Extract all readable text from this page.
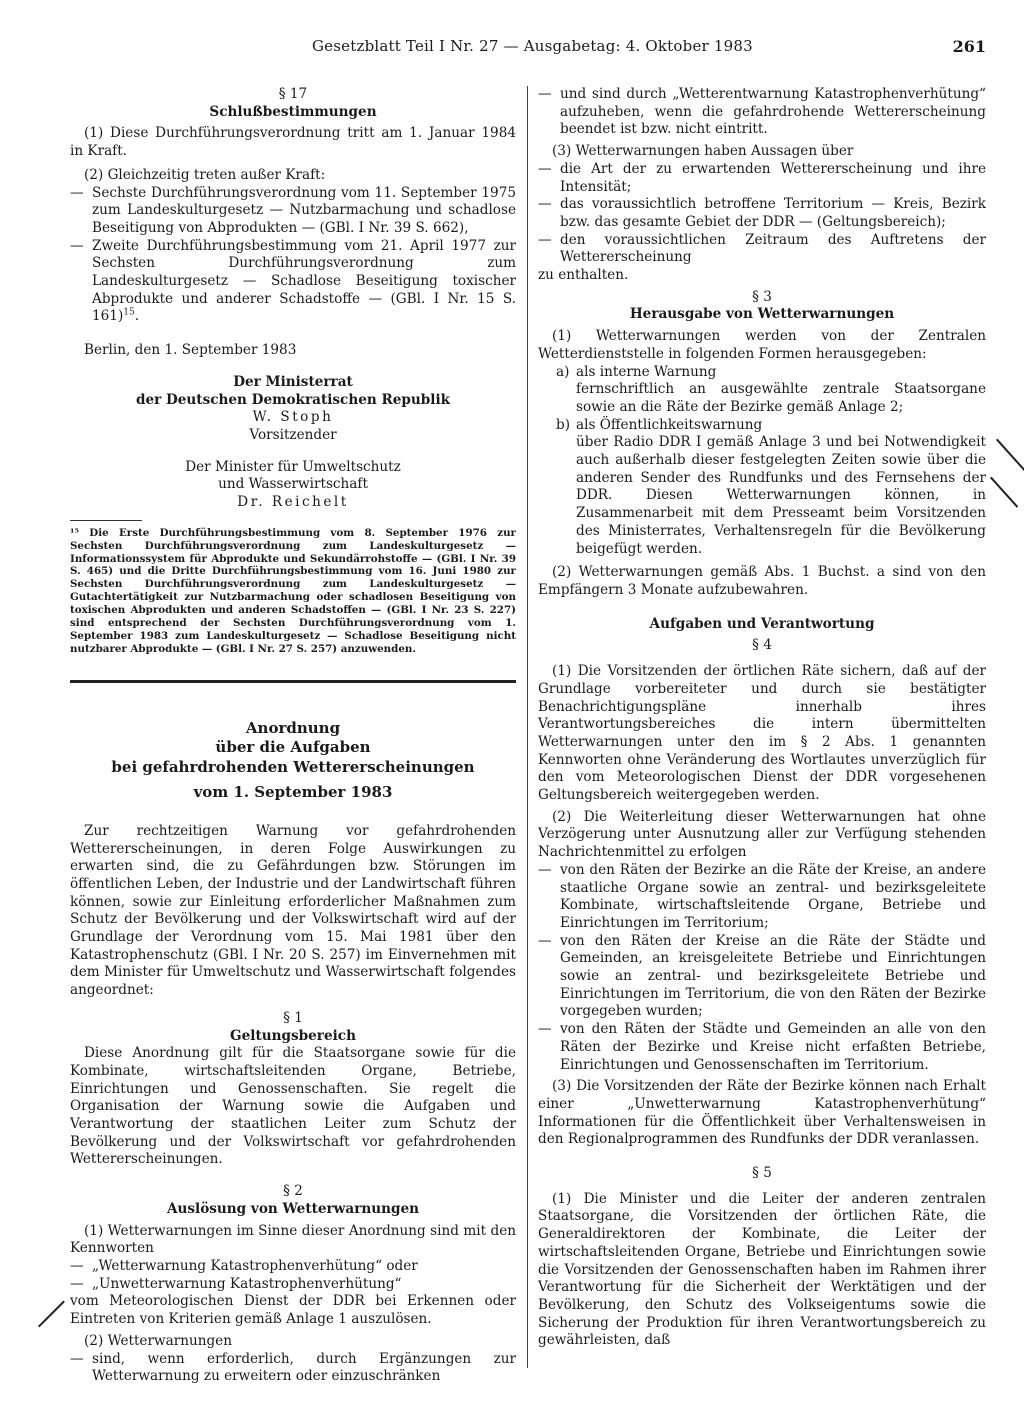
Gesetzblatt Teil I Nr. 27 — Ausgabetag: 4. Oktober 1983	261

§ 17

Schlußbestimmungen

(1) Diese Durchführungsverordnung tritt am 1. Januar 1984 in Kraft.

(2) Gleichzeitig treten außer Kraft:

— Sechste Durchführungsverordnung vom 11. September 1975 zum Landeskulturgesetz — Nutzbarmachung und schadlose Beseitigung von Abprodukten — (GBl. I Nr. 39 S. 662),
— Zweite Durchführungsbestimmung vom 21. April 1977 zur Sechsten Durchführungsverordnung zum Landeskulturgesetz — Schadlose Beseitigung toxischer Abprodukte und anderer Schadstoffe — (GBl. I Nr. 15 S. 161)$^{15}$.

Berlin, den 1. September 1983

Der Ministerrat

der Deutschen Demokratischen Republik

W. Stoph

Vorsitzender

Der Minister für Umweltschutz

und Wasserwirtschaft

Dr. Reichelt

¹⁵ Die Erste Durchführungsbestimmung vom 8. September 1976 zur Sechsten Durchführungsverordnung zum Landeskulturgesetz — Informationssystem für Abprodukte und Sekundärrohstoffe — (GBl. I Nr. 39 S. 465) und die Dritte Durchführungsbestimmung vom 16. Juni 1980 zur Sechsten Durchführungsverordnung zum Landeskulturgesetz — Gutachtertätigkeit zur Nutzbarmachung oder schadlosen Beseitigung von toxischen Abprodukten und anderen Schadstoffen — (GBl. I Nr. 23 S. 227) sind entsprechend der Sechsten Durchführungsverordnung vom 1. September 1983 zum Landeskulturgesetz — Schadlose Beseitigung nicht nutzbarer Abprodukte — (GBl. I Nr. 27 S. 257) anzuwenden.

Anordnung

über die Aufgaben

bei gefahrdrohenden Wettererscheinungen

vom 1. September 1983

Zur rechtzeitigen Warnung vor gefahrdrohenden Wettererscheinungen, in deren Folge Auswirkungen zu erwarten sind, die zu Gefährdungen bzw. Störungen im öffentlichen Leben, der Industrie und der Landwirtschaft führen können, sowie zur Einleitung erforderlicher Maßnahmen zum Schutz der Bevölkerung und der Volkswirtschaft wird auf der Grundlage der Verordnung vom 15. Mai 1981 über den Katastrophenschutz (GBl. I Nr. 20 S. 257) im Einvernehmen mit dem Minister für Umweltschutz und Wasserwirtschaft folgendes angeordnet:

§ 1

Geltungsbereich

Diese Anordnung gilt für die Staatsorgane sowie für die Kombinate, wirtschaftsleitenden Organe, Betriebe, Einrichtungen und Genossenschaften. Sie regelt die Organisation der Warnung sowie die Aufgaben und Verantwortung der staatlichen Leiter zum Schutz der Bevölkerung und der Volkswirtschaft vor gefahrdrohenden Wettererscheinungen.

§ 2

Auslösung von Wetterwarnungen

(1) Wetterwarnungen im Sinne dieser Anordnung sind mit den Kennworten

— „Wetterwarnung Katastrophenverhütung“ oder
— „Unwetterwarnung Katastrophenverhütung“

vom Meteorologischen Dienst der DDR bei Erkennen oder Eintreten von Kriterien gemäß Anlage 1 auszulösen.

(2) Wetterwarnungen

— sind, wenn erforderlich, durch Ergänzungen zur Wetterwarnung zu erweitern oder einzuschränken
— und sind durch „Wetterentwarnung Katastrophenverhütung“ aufzuheben, wenn die gefahrdrohende Wettererscheinung beendet ist bzw. nicht eintritt.

(3) Wetterwarnungen haben Aussagen über

— die Art der zu erwartenden Wettererscheinung und ihre Intensität;
— das voraussichtlich betroffene Territorium — Kreis, Bezirk bzw. das gesamte Gebiet der DDR — (Geltungsbereich);
— den voraussichtlichen Zeitraum des Auftretens der Wettererscheinung

zu enthalten.

§ 3

Herausgabe von Wetterwarnungen

(1) Wetterwarnungen werden von der Zentralen Wetterdienststelle in folgenden Formen herausgegeben:

a) als interne Warnung
fernschriftlich an ausgewählte zentrale Staatsorgane sowie an die Räte der Bezirke gemäß Anlage 2;
b) als Öffentlichkeitswarnung
über Radio DDR I gemäß Anlage 3 und bei Notwendigkeit auch außerhalb dieser festgelegten Zeiten sowie über die anderen Sender des Rundfunks und des Fernsehens der DDR. Diesen Wetterwarnungen können, in Zusammenarbeit mit dem Presseamt beim Vorsitzenden des Ministerrates, Verhaltensregeln für die Bevölkerung beigefügt werden.

(2) Wetterwarnungen gemäß Abs. 1 Buchst. a sind von den Empfängern 3 Monate aufzubewahren.

Aufgaben und Verantwortung

§ 4

(1) Die Vorsitzenden der örtlichen Räte sichern, daß auf der Grundlage vorbereiteter und durch sie bestätigter Benachrichtigungspläne innerhalb ihres Verantwortungsbereiches die intern übermittelten Wetterwarnungen unter den im § 2 Abs. 1 genannten Kennworten ohne Veränderung des Wortlautes unverzüglich für den vom Meteorologischen Dienst der DDR vorgesehenen Geltungsbereich weitergegeben werden.

(2) Die Weiterleitung dieser Wetterwarnungen hat ohne Verzögerung unter Ausnutzung aller zur Verfügung stehenden Nachrichtenmittel zu erfolgen

— von den Räten der Bezirke an die Räte der Kreise, an andere staatliche Organe sowie an zentral- und bezirksgeleitete Kombinate, wirtschaftsleitende Organe, Betriebe und Einrichtungen im Territorium;
— von den Räten der Kreise an die Räte der Städte und Gemeinden, an kreisgeleitete Betriebe und Einrichtungen sowie an zentral- und bezirksgeleitete Betriebe und Einrichtungen im Territorium, die von den Räten der Bezirke vorgegeben wurden;
— von den Räten der Städte und Gemeinden an alle von den Räten der Bezirke und Kreise nicht erfaßten Betriebe, Einrichtungen und Genossenschaften im Territorium.

(3) Die Vorsitzenden der Räte der Bezirke können nach Erhalt einer „Unwetterwarnung Katastrophenverhütung“ Informationen für die Öffentlichkeit über Verhaltensweisen in den Regionalprogrammen des Rundfunks der DDR veranlassen.

§ 5

(1) Die Minister und die Leiter der anderen zentralen Staatsorgane, die Vorsitzenden der örtlichen Räte, die Generaldirektoren der Kombinate, die Leiter der wirtschaftsleitenden Organe, Betriebe und Einrichtungen sowie die Vorsitzenden der Genossenschaften haben im Rahmen ihrer Verantwortung für die Sicherheit der Werktätigen und der Bevölkerung, den Schutz des Volkseigentums sowie die Sicherung der Produktion für ihren Verantwortungsbereich zu gewährleisten, daß
